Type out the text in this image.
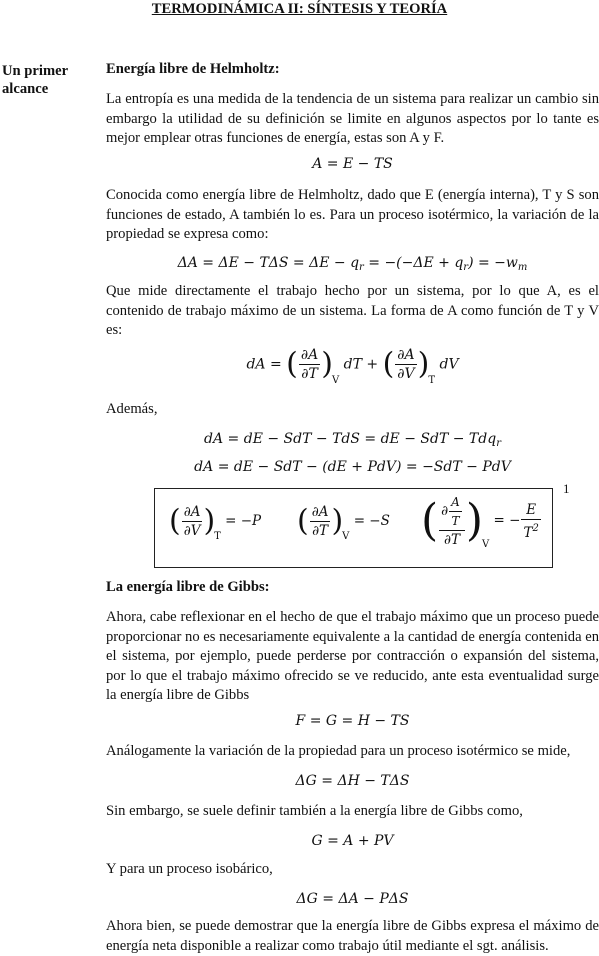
TERMODINÁMICA II: SÍNTESIS Y TEORÍA
Un primer alcance
Energía libre de Helmholtz:
La entropía es una medida de la tendencia de un sistema para realizar un cambio sin embargo la utilidad de su definición se limite en algunos aspectos por lo tante es mejor emplear otras funciones de energía, estas son A y F.
A = E − TS
Conocida como energía libre de Helmholtz, dado que E (energía interna), T y S son funciones de estado, A también lo es. Para un proceso isotérmico, la variación de la propiedad se expresa como:
$\Delta A = \Delta E - T\Delta S = \Delta E - q_r = -(-\Delta E + q_r) = -w_m$
Que mide directamente el trabajo hecho por un sistema, por lo que A, es el contenido de trabajo máximo de un sistema. La forma de A como función de T y V es:
dA = ( $\frac{\partial A}{\partial T} )_V$ dT + ( $\frac{\partial A}{\partial V} )_T$ dV
Además,
dA = dE − SdT − TdS = dE − SdT − Tdq$_r$
dA = dE − SdT − (dE + PdV) = −SdT − PdV
1
( $\frac{\partial A}{\partial V} )_T = -P$ ( $\frac{\partial A}{\partial T} )_V = -S$ ( $\frac{\partial \frac{A}{T}}{\partial T} )_V$ = − $\frac{E}{T^2}$
La energía libre de Gibbs:
Ahora, cabe reflexionar en el hecho de que el trabajo máximo que un proceso puede proporcionar no es necesariamente equivalente a la cantidad de energía contenida en el sistema, por ejemplo, puede perderse por contracción o expansión del sistema, por lo que el trabajo máximo ofrecido se ve reducido, ante esta eventualidad surge la energía libre de Gibbs
F = G = H − TS
Análogamente la variación de la propiedad para un proceso isotérmico se mide,
ΔG = ΔH − TΔS
Sin embargo, se suele definir también a la energía libre de Gibbs como,
G = A + PV
Y para un proceso isobárico,
ΔG = ΔA − PΔS
Ahora bien, se puede demostrar que la energía libre de Gibbs expresa el máximo de energía neta disponible a realizar como trabajo útil mediante el sgt. análisis.
